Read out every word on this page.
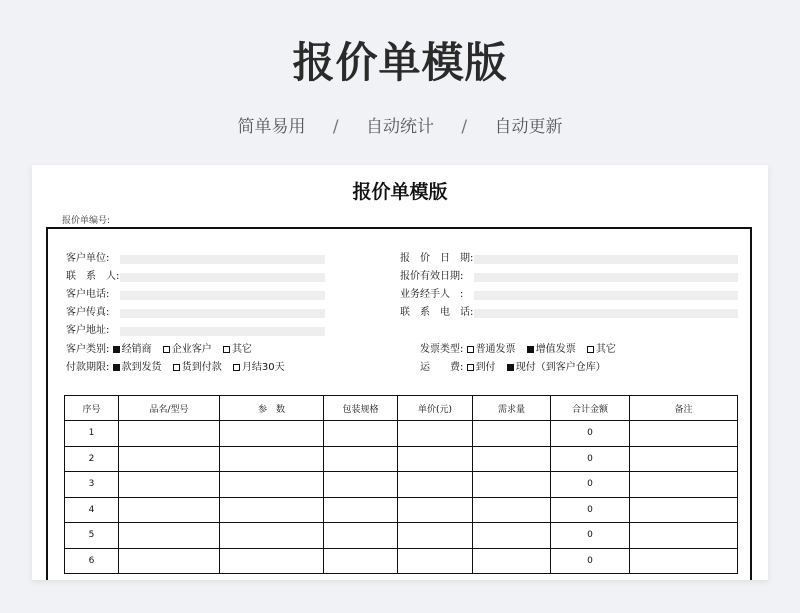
报价单模版
简单易用 / 自动统计 / 自动更新
报价单模版
报价单编号:
客户单位:
联　系　人:
客户电话:
客户传真:
客户地址:
报　价　日　期:
报价有效日期:
业务经手人　:
联　系　电　话:
客户类别: 经销商 企业客户 其它
付款期限: 款到发货 货到付款 月结30天
发票类型: 普通发票 增值发票 其它
运　　费: 到付 现付（到客户仓库）
序号	品名/型号	参　数	包装规格	单价(元)	需求量	合计金额	备注
1						0	
2						0	
3						0	
4						0	
5						0	
6						0	
